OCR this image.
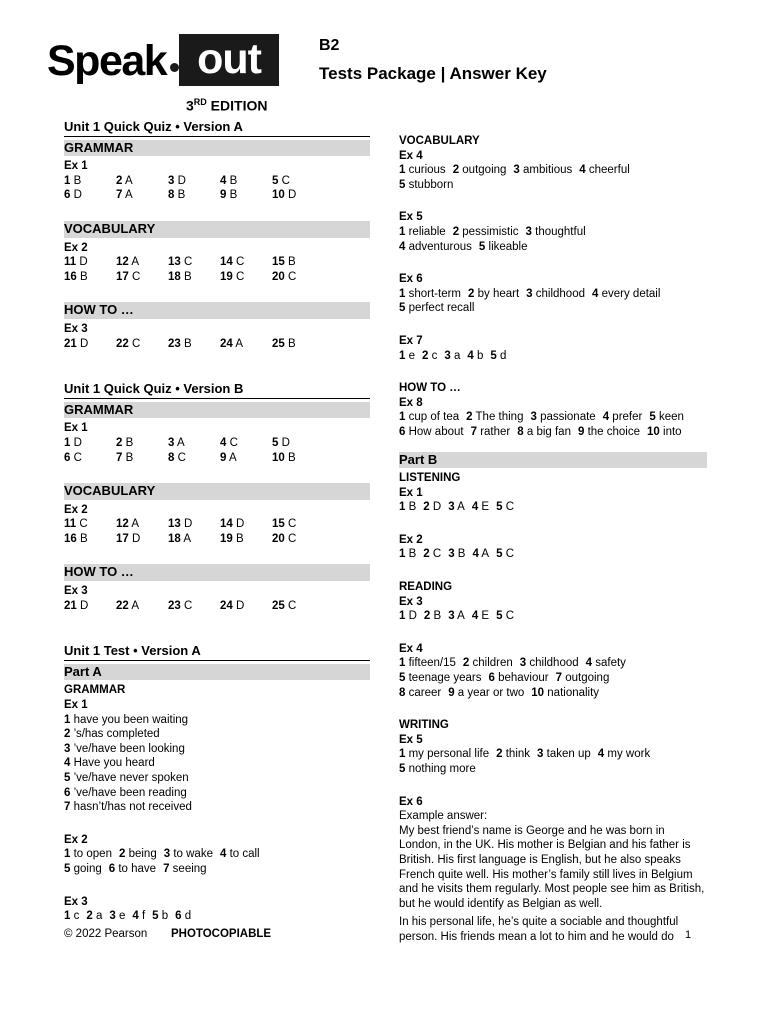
Speak out
3RD EDITION
B2
Tests Package | Answer Key
Unit 1 Quick Quiz • Version A
GRAMMAR
Ex 1
1 B	2 A	3 D	4 B	5 C
6 D	7 A	8 B	9 B	10 D
VOCABULARY
Ex 2
11 D	12 A	13 C	14 C	15 B
16 B	17 C	18 B	19 C	20 C
HOW TO …
Ex 3
21 D	22 C	23 B	24 A	25 B
Unit 1 Quick Quiz • Version B
GRAMMAR
Ex 1
1 D	2 B	3 A	4 C	5 D
6 C	7 B	8 C	9 A	10 B
VOCABULARY
Ex 2
11 C	12 A	13 D	14 D	15 C
16 B	17 D	18 A	19 B	20 C
HOW TO …
Ex 3
21 D	22 A	23 C	24 D	25 C
Unit 1 Test • Version A
Part A
GRAMMAR
Ex 1
1 have you been waiting
2 ’s/has completed
3 ’ve/have been looking
4 Have you heard
5 ’ve/have never spoken
6 ’ve/have been reading
7 hasn’t/has not received
Ex 2
1 to open 2 being 3 to wake 4 to call
5 going 6 to have 7 seeing
Ex 3
1 c 2 a 3 e 4 f 5 b 6 d
VOCABULARY
Ex 4
1 curious 2 outgoing 3 ambitious 4 cheerful
5 stubborn
Ex 5
1 reliable 2 pessimistic 3 thoughtful
4 adventurous 5 likeable
Ex 6
1 short-term 2 by heart 3 childhood 4 every detail
5 perfect recall
Ex 7
1 e 2 c 3 a 4 b 5 d
HOW TO …
Ex 8
1 cup of tea 2 The thing 3 passionate 4 prefer 5 keen
6 How about 7 rather 8 a big fan 9 the choice 10 into
Part B
LISTENING
Ex 1
1 B 2 D 3 A 4 E 5 C
Ex 2
1 B 2 C 3 B 4 A 5 C
READING
Ex 3
1 D 2 B 3 A 4 E 5 C
Ex 4
1 fifteen/15 2 children 3 childhood 4 safety
5 teenage years 6 behaviour 7 outgoing
8 career 9 a year or two 10 nationality
WRITING
Ex 5
1 my personal life 2 think 3 taken up 4 my work
5 nothing more
Ex 6
Example answer:

My best friend’s name is George and he was born in London, in the UK. His mother is Belgian and his father is British. His first language is English, but he also speaks French quite well. His mother’s family still lives in Belgium and he visits them regularly. Most people see him as British, but he would identify as Belgian as well.

In his personal life, he’s quite a sociable and thoughtful person. His friends mean a lot to him and he would do

© 2022 Pearson PHOTOCOPIABLE	1
